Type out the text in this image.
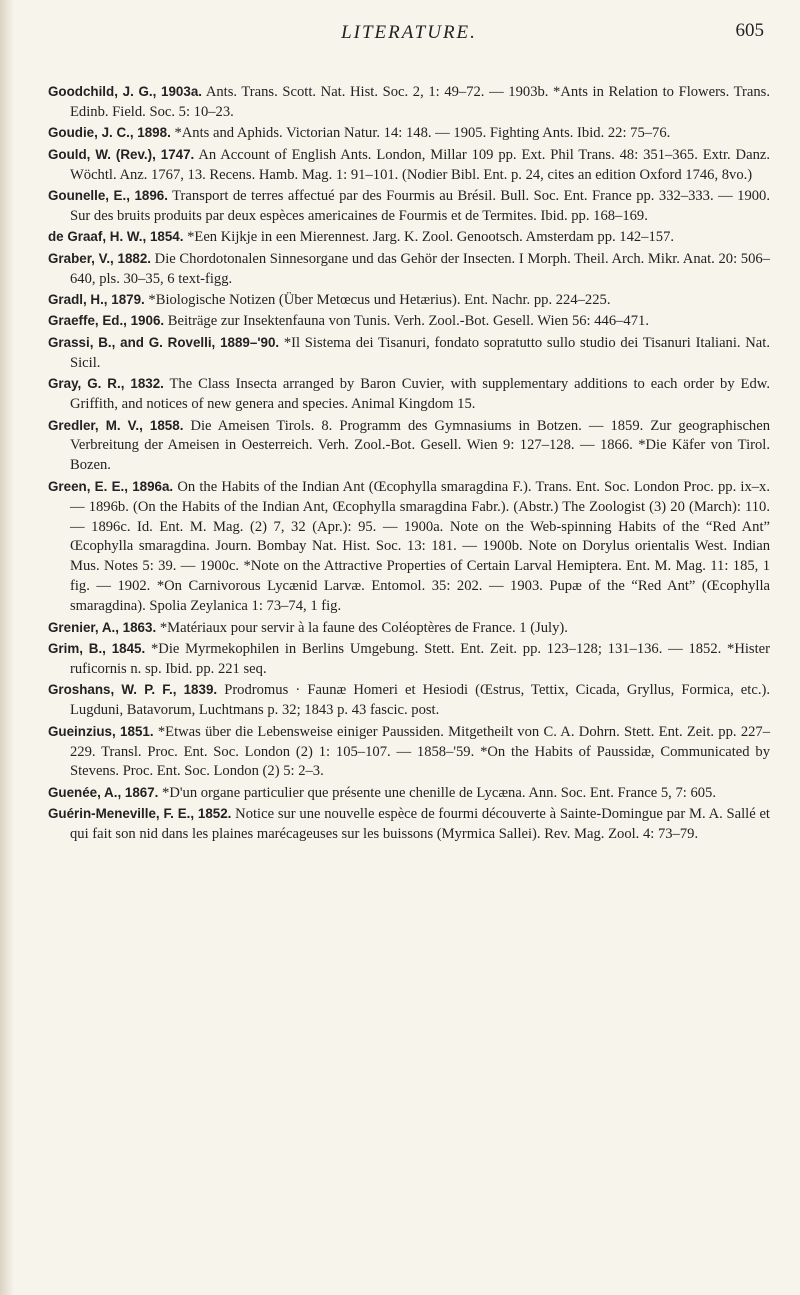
LITERATURE.	605

Goodchild, J. G., 1903a. Ants. Trans. Scott. Nat. Hist. Soc. 2, 1: 49–72. — 1903b. *Ants in Relation to Flowers. Trans. Edinb. Field. Soc. 5: 10–23.

Goudie, J. C., 1898. *Ants and Aphids. Victorian Natur. 14: 148. — 1905. Fighting Ants. Ibid. 22: 75–76.

Gould, W. (Rev.), 1747. An Account of English Ants. London, Millar 109 pp. Ext. Phil Trans. 48: 351–365. Extr. Danz. Wöchtl. Anz. 1767, 13. Recens. Hamb. Mag. 1: 91–101. (Nodier Bibl. Ent. p. 24, cites an edition Oxford 1746, 8vo.)

Gounelle, E., 1896. Transport de terres affectué par des Fourmis au Brésil. Bull. Soc. Ent. France pp. 332–333. — 1900. Sur des bruits produits par deux espèces americaines de Fourmis et de Termites. Ibid. pp. 168–169.

de Graaf, H. W., 1854. *Een Kijkje in een Mierennest. Jarg. K. Zool. Genootsch. Amsterdam pp. 142–157.

Graber, V., 1882. Die Chordotonalen Sinnesorgane und das Gehör der Insecten. I Morph. Theil. Arch. Mikr. Anat. 20: 506–640, pls. 30–35, 6 text-figg.

Gradl, H., 1879. *Biologische Notizen (Über Metœcus und Hetærius). Ent. Nachr. pp. 224–225.

Graeffe, Ed., 1906. Beiträge zur Insektenfauna von Tunis. Verh. Zool.-Bot. Gesell. Wien 56: 446–471.

Grassi, B., and G. Rovelli, 1889–'90. *Il Sistema dei Tisanuri, fondato sopratutto sullo studio dei Tisanuri Italiani. Nat. Sicil.

Gray, G. R., 1832. The Class Insecta arranged by Baron Cuvier, with supplementary additions to each order by Edw. Griffith, and notices of new genera and species. Animal Kingdom 15.

Gredler, M. V., 1858. Die Ameisen Tirols. 8. Programm des Gymnasiums in Botzen. — 1859. Zur geographischen Verbreitung der Ameisen in Oesterreich. Verh. Zool.-Bot. Gesell. Wien 9: 127–128. — 1866. *Die Käfer von Tirol. Bozen.

Green, E. E., 1896a. On the Habits of the Indian Ant (Œcophylla smaragdina F.). Trans. Ent. Soc. London Proc. pp. ix–x. — 1896b. (On the Habits of the Indian Ant, Œcophylla smaragdina Fabr.). (Abstr.) The Zoologist (3) 20 (March): 110. — 1896c. Id. Ent. M. Mag. (2) 7, 32 (Apr.): 95. — 1900a. Note on the Web-spinning Habits of the “Red Ant” Œcophylla smaragdina. Journ. Bombay Nat. Hist. Soc. 13: 181. — 1900b. Note on Dorylus orientalis West. Indian Mus. Notes 5: 39. — 1900c. *Note on the Attractive Properties of Certain Larval Hemiptera. Ent. M. Mag. 11: 185, 1 fig. — 1902. *On Carnivorous Lycænid Larvæ. Entomol. 35: 202. — 1903. Pupæ of the “Red Ant” (Œcophylla smaragdina). Spolia Zeylanica 1: 73–74, 1 fig.

Grenier, A., 1863. *Matériaux pour servir à la faune des Coléoptères de France. 1 (July).

Grim, B., 1845. *Die Myrmekophilen in Berlins Umgebung. Stett. Ent. Zeit. pp. 123–128; 131–136. — 1852. *Hister ruficornis n. sp. Ibid. pp. 221 seq.

Groshans, W. P. F., 1839. Prodromus · Faunæ Homeri et Hesiodi (Œstrus, Tettix, Cicada, Gryllus, Formica, etc.). Lugduni, Batavorum, Luchtmans p. 32; 1843 p. 43 fascic. post.

Gueinzius, 1851. *Etwas über die Lebensweise einiger Paussiden. Mitgetheilt von C. A. Dohrn. Stett. Ent. Zeit. pp. 227–229. Transl. Proc. Ent. Soc. London (2) 1: 105–107. — 1858–'59. *On the Habits of Paussidæ, Communicated by Stevens. Proc. Ent. Soc. London (2) 5: 2–3.

Guenée, A., 1867. *D'un organe particulier que présente une chenille de Lycæna. Ann. Soc. Ent. France 5, 7: 605.

Guérin-Meneville, F. E., 1852. Notice sur une nouvelle espèce de fourmi découverte à Sainte-Domingue par M. A. Sallé et qui fait son nid dans les plaines marécageuses sur les buissons (Myrmica Sallei). Rev. Mag. Zool. 4: 73–79.
